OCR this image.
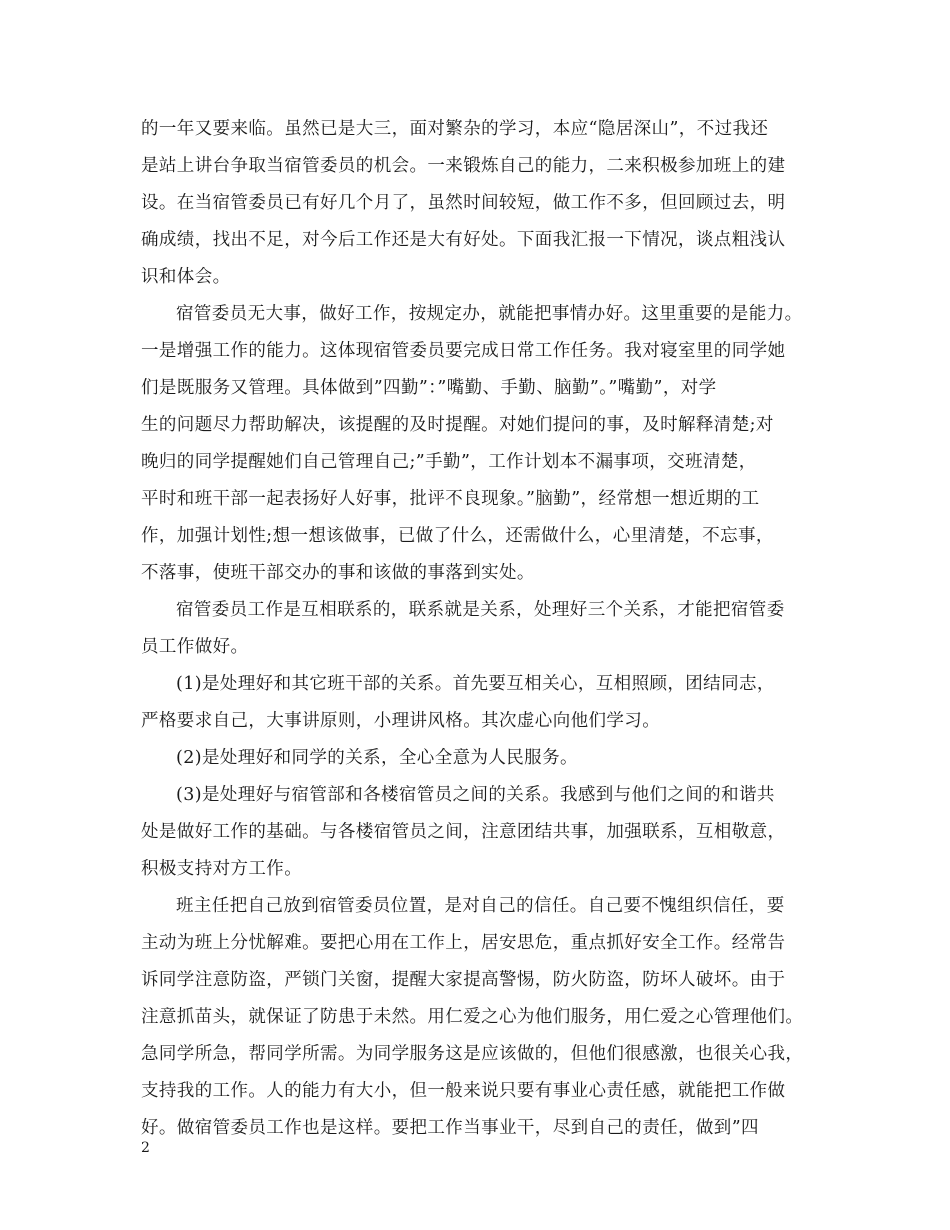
的一年又要来临。虽然已是大三，面对繁杂的学习，本应“隐居深山”，不过我还
是站上讲台争取当宿管委员的机会。一来锻炼自己的能力，二来积极参加班上的建
设。在当宿管委员已有好几个月了，虽然时间较短，做工作不多，但回顾过去，明
确成绩，找出不足，对今后工作还是大有好处。下面我汇报一下情况，谈点粗浅认
识和体会。
宿管委员无大事，做好工作，按规定办，就能把事情办好。这里重要的是能力。
一是增强工作的能力。这体现宿管委员要完成日常工作任务。我对寝室里的同学她
们是既服务又管理。具体做到”四勤”：”嘴勤、手勤、脑勤”。”嘴勤”，对学
生的问题尽力帮助解决，该提醒的及时提醒。对她们提问的事，及时解释清楚;对
晚归的同学提醒她们自己管理自己;”手勤”，工作计划本不漏事项，交班清楚，
平时和班干部一起表扬好人好事，批评不良现象。”脑勤”，经常想一想近期的工
作，加强计划性;想一想该做事，已做了什么，还需做什么，心里清楚，不忘事，
不落事，使班干部交办的事和该做的事落到实处。
宿管委员工作是互相联系的，联系就是关系，处理好三个关系，才能把宿管委
员工作做好。
(1)是处理好和其它班干部的关系。首先要互相关心，互相照顾，团结同志，
严格要求自己，大事讲原则，小理讲风格。其次虚心向他们学习。
(2)是处理好和同学的关系，全心全意为人民服务。
(3)是处理好与宿管部和各楼宿管员之间的关系。我感到与他们之间的和谐共
处是做好工作的基础。与各楼宿管员之间，注意团结共事，加强联系，互相敬意，
积极支持对方工作。
班主任把自己放到宿管委员位置，是对自己的信任。自己要不愧组织信任，要
主动为班上分忧解难。要把心用在工作上，居安思危，重点抓好安全工作。经常告
诉同学注意防盗，严锁门关窗，提醒大家提高警惕，防火防盗，防坏人破坏。由于
注意抓苗头，就保证了防患于未然。用仁爱之心为他们服务，用仁爱之心管理他们。
急同学所急，帮同学所需。为同学服务这是应该做的，但他们很感激，也很关心我，
支持我的工作。人的能力有大小，但一般来说只要有事业心责任感，就能把工作做
好。做宿管委员工作也是这样。要把工作当事业干，尽到自己的责任，做到”四
2
